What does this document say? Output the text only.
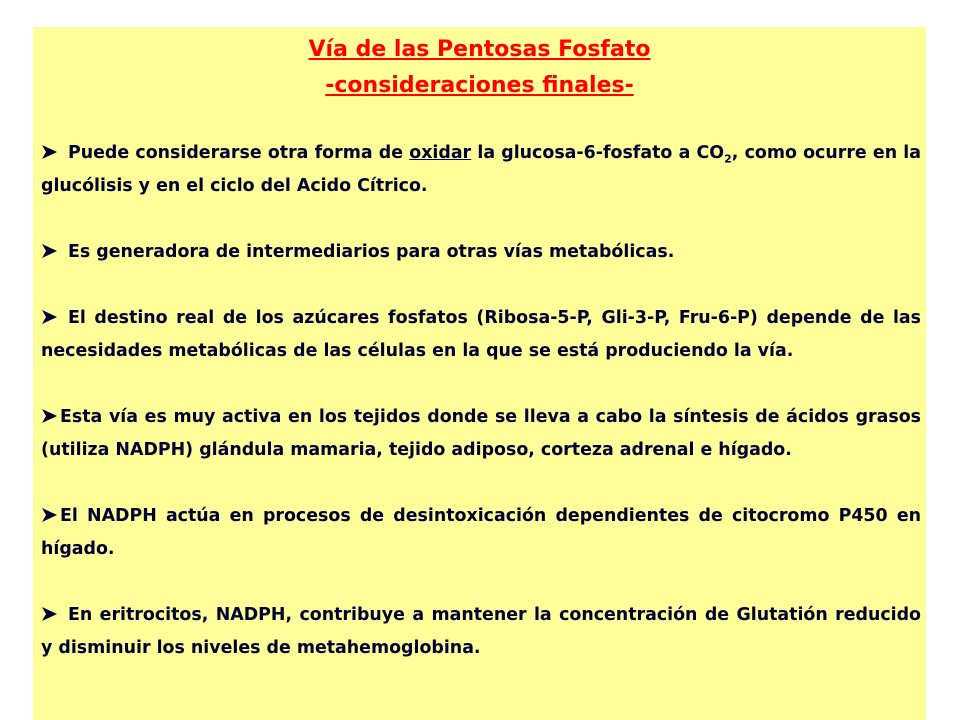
Vía de las Pentosas Fosfato

-consideraciones finales-

Puede considerarse otra forma de oxidar la glucosa-6-fosfato a $CO_2$, como ocurre en la glucólisis y en el ciclo del Acido Cítrico.

Es generadora de intermediarios para otras vías metabólicas.

El destino real de los azúcares fosfatos (Ribosa-5-P, Gli-3-P, Fru-6-P) depende de las necesidades metabólicas de las células en la que se está produciendo la vía.

Esta vía es muy activa en los tejidos donde se lleva a cabo la síntesis de ácidos grasos (utiliza NADPH) glándula mamaria, tejido adiposo, corteza adrenal e hígado.

El NADPH actúa en procesos de desintoxicación dependientes de citocromo P450 en hígado.

En eritrocitos, NADPH, contribuye a mantener la concentración de Glutatión reducido y disminuir los niveles de metahemoglobina.
